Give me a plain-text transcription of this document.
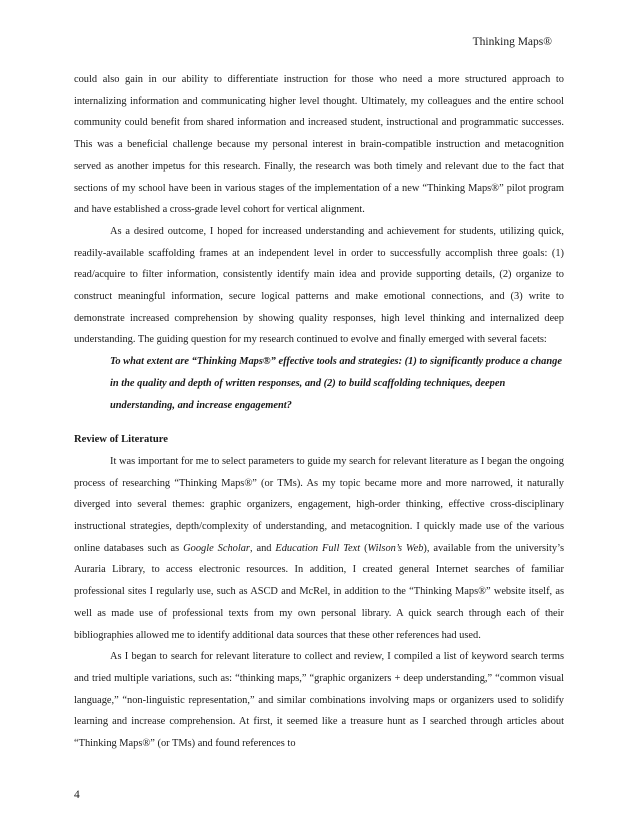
Thinking Maps®

could also gain in our ability to differentiate instruction for those who need a more structured approach to internalizing information and communicating higher level thought. Ultimately, my colleagues and the entire school community could benefit from shared information and increased student, instructional and programmatic successes. This was a beneficial challenge because my personal interest in brain-compatible instruction and metacognition served as another impetus for this research. Finally, the research was both timely and relevant due to the fact that sections of my school have been in various stages of the implementation of a new “Thinking Maps®” pilot program and have established a cross-grade level cohort for vertical alignment.

As a desired outcome, I hoped for increased understanding and achievement for students, utilizing quick, readily-available scaffolding frames at an independent level in order to successfully accomplish three goals: (1) read/acquire to filter information, consistently identify main idea and provide supporting details, (2) organize to construct meaningful information, secure logical patterns and make emotional connections, and (3) write to demonstrate increased comprehension by showing quality responses, high level thinking and internalized deep understanding. The guiding question for my research continued to evolve and finally emerged with several facets:

To what extent are “Thinking Maps®” effective tools and strategies: (1) to significantly produce a change in the quality and depth of written responses, and (2) to build scaffolding techniques, deepen understanding, and increase engagement?

Review of Literature

It was important for me to select parameters to guide my search for relevant literature as I began the ongoing process of researching “Thinking Maps®” (or TMs). As my topic became more and more narrowed, it naturally diverged into several themes: graphic organizers, engagement, high-order thinking, effective cross-disciplinary instructional strategies, depth/complexity of understanding, and metacognition. I quickly made use of the various online databases such as Google Scholar, and Education Full Text (Wilson’s Web), available from the university’s Auraria Library, to access electronic resources. In addition, I created general Internet searches of familiar professional sites I regularly use, such as ASCD and McRel, in addition to the “Thinking Maps®” website itself, as well as made use of professional texts from my own personal library. A quick search through each of their bibliographies allowed me to identify additional data sources that these other references had used.

As I began to search for relevant literature to collect and review, I compiled a list of keyword search terms and tried multiple variations, such as: “thinking maps,” “graphic organizers + deep understanding,” “common visual language,” “non-linguistic representation,” and similar combinations involving maps or organizers used to solidify learning and increase comprehension. At first, it seemed like a treasure hunt as I searched through articles about “Thinking Maps®” (or TMs) and found references to

4
